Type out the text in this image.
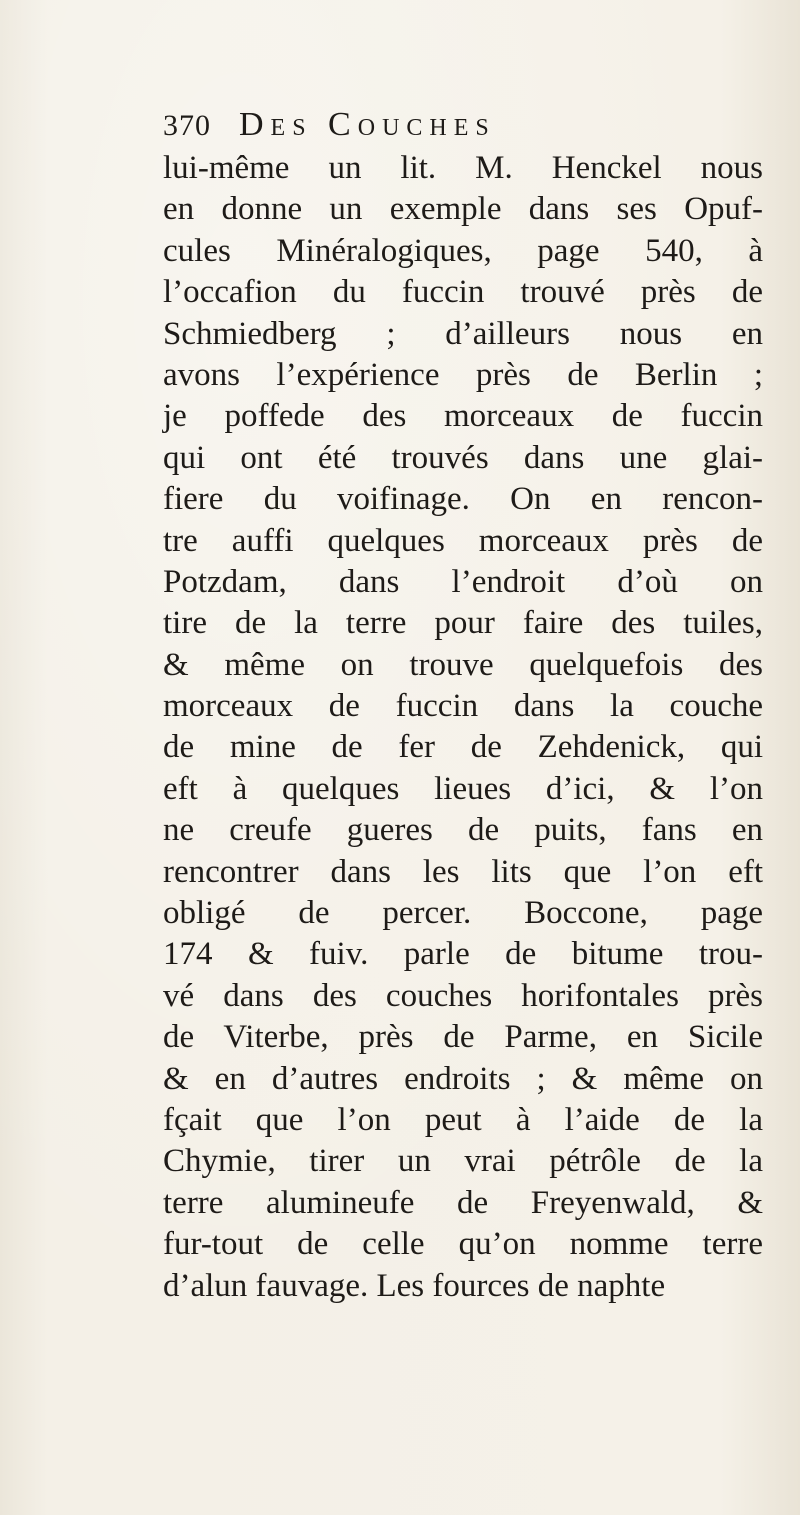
370 Des Couches
lui-même un lit. M. Henckel nous
en donne un exemple dans ses Opuf-
cules Minéralogiques, page 540, à
l’occafion du fuccin trouvé près de
Schmiedberg ; d’ailleurs nous en
avons l’expérience près de Berlin ;
je poffede des morceaux de fuccin
qui ont été trouvés dans une glai-
fiere du voifinage. On en rencon-
tre auffi quelques morceaux près de
Potzdam, dans l’endroit d’où on
tire de la terre pour faire des tuiles,
& même on trouve quelquefois des
morceaux de fuccin dans la couche
de mine de fer de Zehdenick, qui
eft à quelques lieues d’ici, & l’on
ne creufe gueres de puits, fans en
rencontrer dans les lits que l’on eft
obligé de percer. Boccone, page
174 & fuiv. parle de bitume trou-
vé dans des couches horifontales près
de Viterbe, près de Parme, en Sicile
& en d’autres endroits ; & même on
fçait que l’on peut à l’aide de la
Chymie, tirer un vrai pétrôle de la
terre alumineufe de Freyenwald, &
fur-tout de celle qu’on nomme terre
d’alun fauvage. Les fources de naphte
